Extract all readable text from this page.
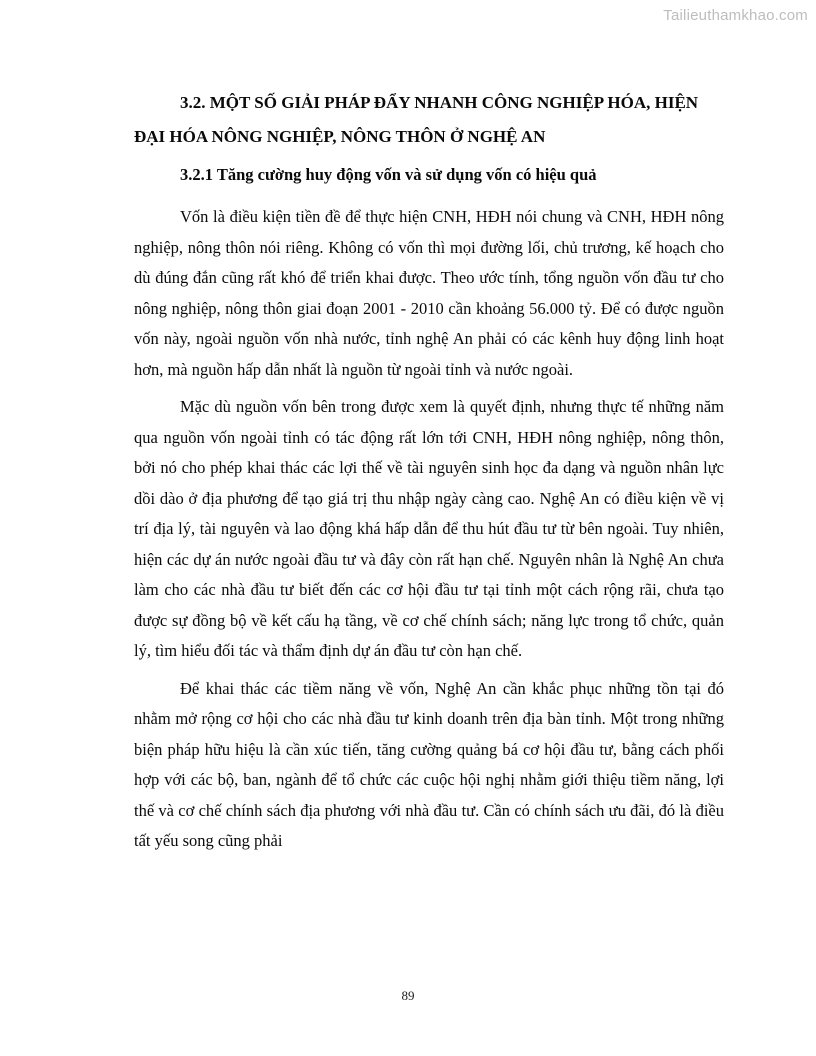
Tailieuthamkhao.com
3.2. MỘT SỐ GIẢI PHÁP ĐẨY NHANH CÔNG NGHIỆP HÓA, HIỆN ĐẠI HÓA NÔNG NGHIỆP, NÔNG THÔN Ở NGHỆ AN
3.2.1 Tăng cường huy động vốn và sử dụng vốn có hiệu quả

Vốn là điều kiện tiền đề để thực hiện CNH, HĐH nói chung và CNH, HĐH nông nghiệp, nông thôn nói riêng. Không có vốn thì mọi đường lối, chủ trương, kế hoạch cho dù đúng đắn cũng rất khó để triển khai được. Theo ước tính, tổng nguồn vốn đầu tư cho nông nghiệp, nông thôn giai đoạn 2001 - 2010 cần khoảng 56.000 tỷ. Để có được nguồn vốn này, ngoài nguồn vốn nhà nước, tỉnh nghệ An phải có các kênh huy động linh hoạt hơn, mà nguồn hấp dẫn nhất là nguồn từ ngoài tỉnh và nước ngoài.

Mặc dù nguồn vốn bên trong được xem là quyết định, nhưng thực tế những năm qua nguồn vốn ngoài tỉnh có tác động rất lớn tới CNH, HĐH nông nghiệp, nông thôn, bởi nó cho phép khai thác các lợi thế về tài nguyên sinh học đa dạng và nguồn nhân lực dồi dào ở địa phương để tạo giá trị thu nhập ngày càng cao. Nghệ An có điều kiện về vị trí địa lý, tài nguyên và lao động khá hấp dẫn để thu hút đầu tư từ bên ngoài. Tuy nhiên, hiện các dự án nước ngoài đầu tư và đây còn rất hạn chế. Nguyên nhân là Nghệ An chưa làm cho các nhà đầu tư biết đến các cơ hội đầu tư tại tỉnh một cách rộng rãi, chưa tạo được sự đồng bộ về kết cấu hạ tầng, về cơ chế chính sách; năng lực trong tổ chức, quản lý, tìm hiểu đối tác và thẩm định dự án đầu tư còn hạn chế.

Để khai thác các tiềm năng về vốn, Nghệ An cần khắc phục những tồn tại đó nhằm mở rộng cơ hội cho các nhà đầu tư kinh doanh trên địa bàn tỉnh. Một trong những biện pháp hữu hiệu là cần xúc tiến, tăng cường quảng bá cơ hội đầu tư, bằng cách phối hợp với các bộ, ban, ngành để tổ chức các cuộc hội nghị nhằm giới thiệu tiềm năng, lợi thế và cơ chế chính sách địa phương với nhà đầu tư. Cần có chính sách ưu đãi, đó là điều tất yếu song cũng phải

89
